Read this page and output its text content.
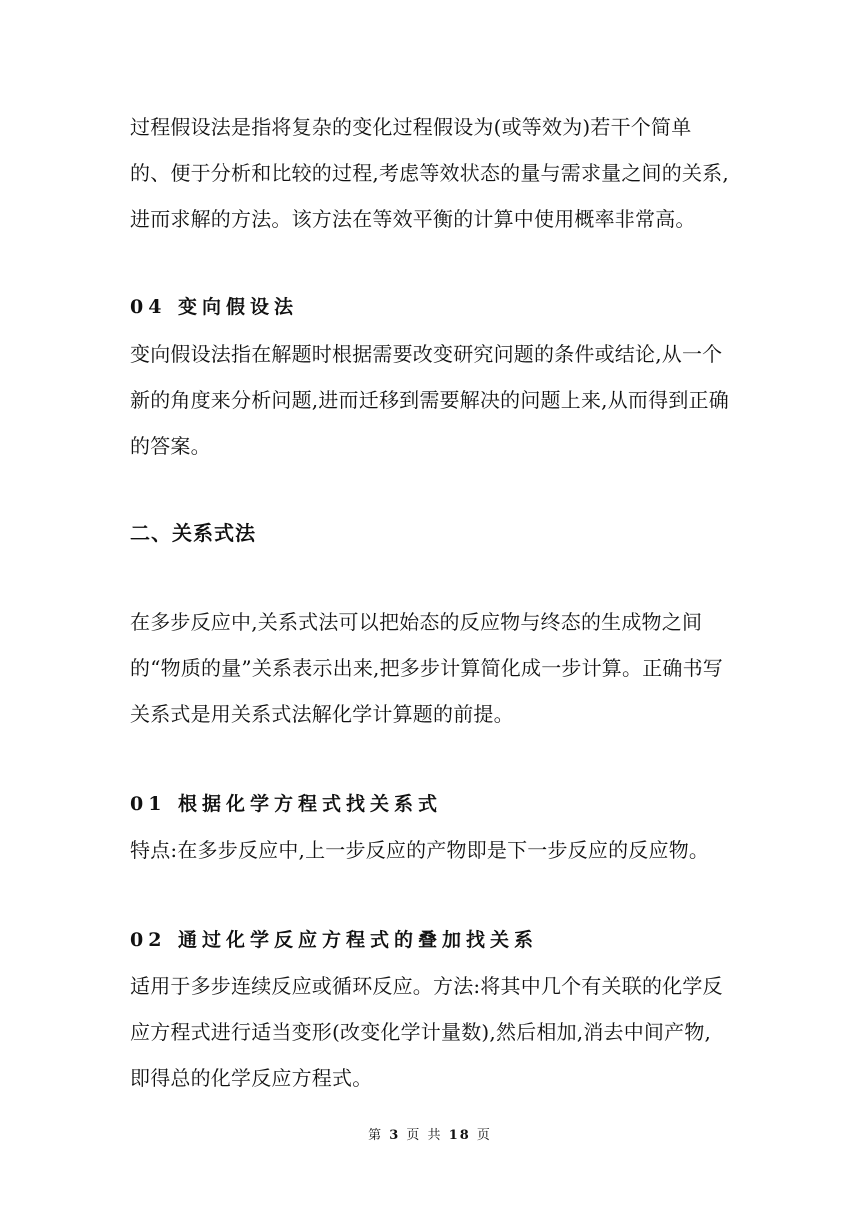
过程假设法是指将复杂的变化过程假设为(或等效为)若干个简单的、便于分析和比较的过程,考虑等效状态的量与需求量之间的关系,进而求解的方法。该方法在等效平衡的计算中使用概率非常高。

04 变向假设法

变向假设法指在解题时根据需要改变研究问题的条件或结论,从一个新的角度来分析问题,进而迁移到需要解决的问题上来,从而得到正确的答案。

二、关系式法

在多步反应中,关系式法可以把始态的反应物与终态的生成物之间的“物质的量”关系表示出来,把多步计算简化成一步计算。正确书写关系式是用关系式法解化学计算题的前提。

01 根据化学方程式找关系式

特点:在多步反应中,上一步反应的产物即是下一步反应的反应物。

02 通过化学反应方程式的叠加找关系

适用于多步连续反应或循环反应。方法:将其中几个有关联的化学反应方程式进行适当变形(改变化学计量数),然后相加,消去中间产物,即得总的化学反应方程式。

第 3 页 共 18 页
